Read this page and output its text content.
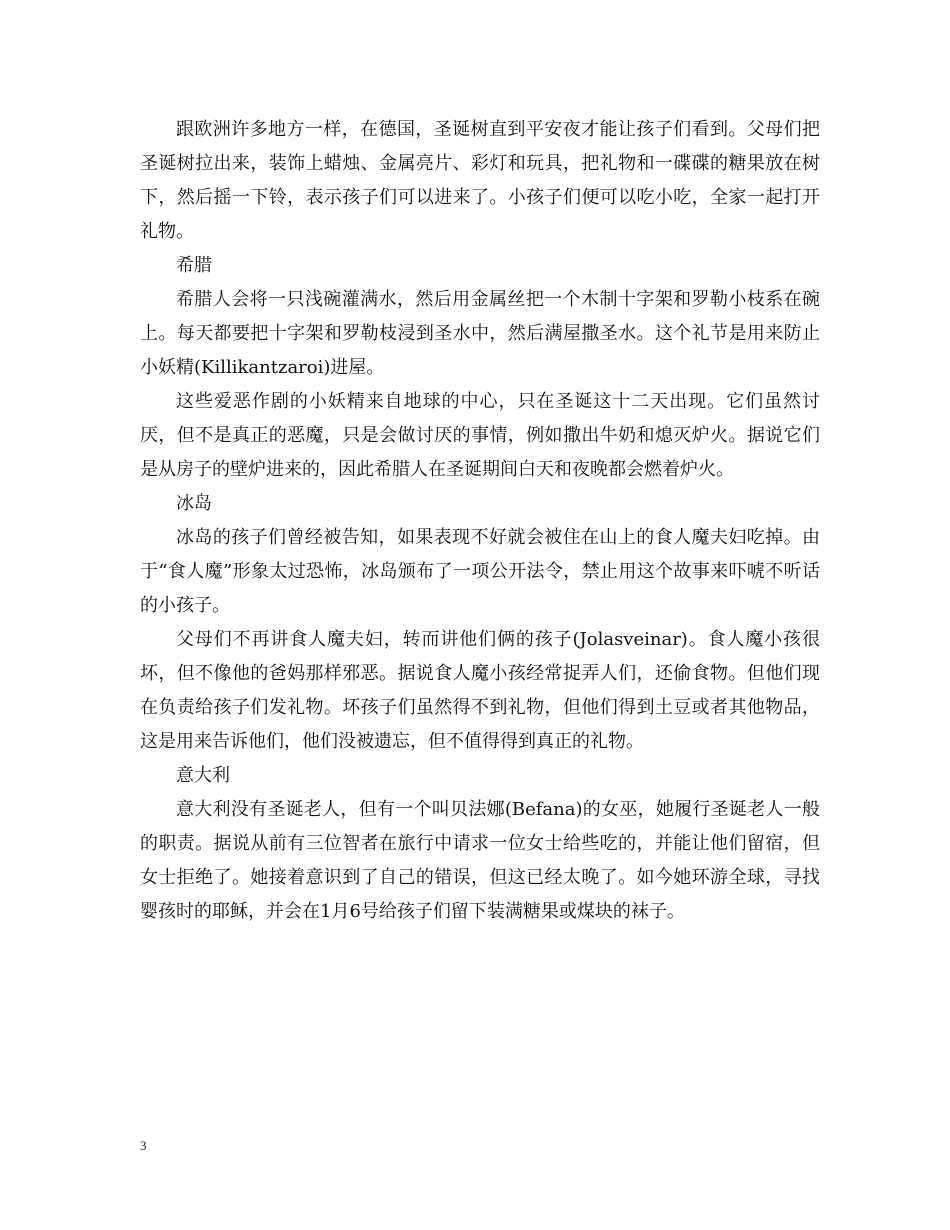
跟欧洲许多地方一样，在德国，圣诞树直到平安夜才能让孩子们看到。父母们把圣诞树拉出来，装饰上蜡烛、金属亮片、彩灯和玩具，把礼物和一碟碟的糖果放在树下，然后摇一下铃，表示孩子们可以进来了。小孩子们便可以吃小吃，全家一起打开礼物。

希腊

希腊人会将一只浅碗灌满水，然后用金属丝把一个木制十字架和罗勒小枝系在碗上。每天都要把十字架和罗勒枝浸到圣水中，然后满屋撒圣水。这个礼节是用来防止小妖精(Killikantzaroi)进屋。

这些爱恶作剧的小妖精来自地球的中心，只在圣诞这十二天出现。它们虽然讨厌，但不是真正的恶魔，只是会做讨厌的事情，例如撒出牛奶和熄灭炉火。据说它们是从房子的壁炉进来的，因此希腊人在圣诞期间白天和夜晚都会燃着炉火。

冰岛

冰岛的孩子们曾经被告知，如果表现不好就会被住在山上的食人魔夫妇吃掉。由于“食人魔”形象太过恐怖，冰岛颁布了一项公开法令，禁止用这个故事来吓唬不听话的小孩子。

父母们不再讲食人魔夫妇，转而讲他们俩的孩子(Jolasveinar)。食人魔小孩很坏，但不像他的爸妈那样邪恶。据说食人魔小孩经常捉弄人们，还偷食物。但他们现在负责给孩子们发礼物。坏孩子们虽然得不到礼物，但他们得到土豆或者其他物品，这是用来告诉他们，他们没被遗忘，但不值得得到真正的礼物。

意大利

意大利没有圣诞老人，但有一个叫贝法娜(Befana)的女巫，她履行圣诞老人一般的职责。据说从前有三位智者在旅行中请求一位女士给些吃的，并能让他们留宿，但女士拒绝了。她接着意识到了自己的错误，但这已经太晚了。如今她环游全球，寻找婴孩时的耶稣，并会在1月6号给孩子们留下装满糖果或煤块的袜子。

3
